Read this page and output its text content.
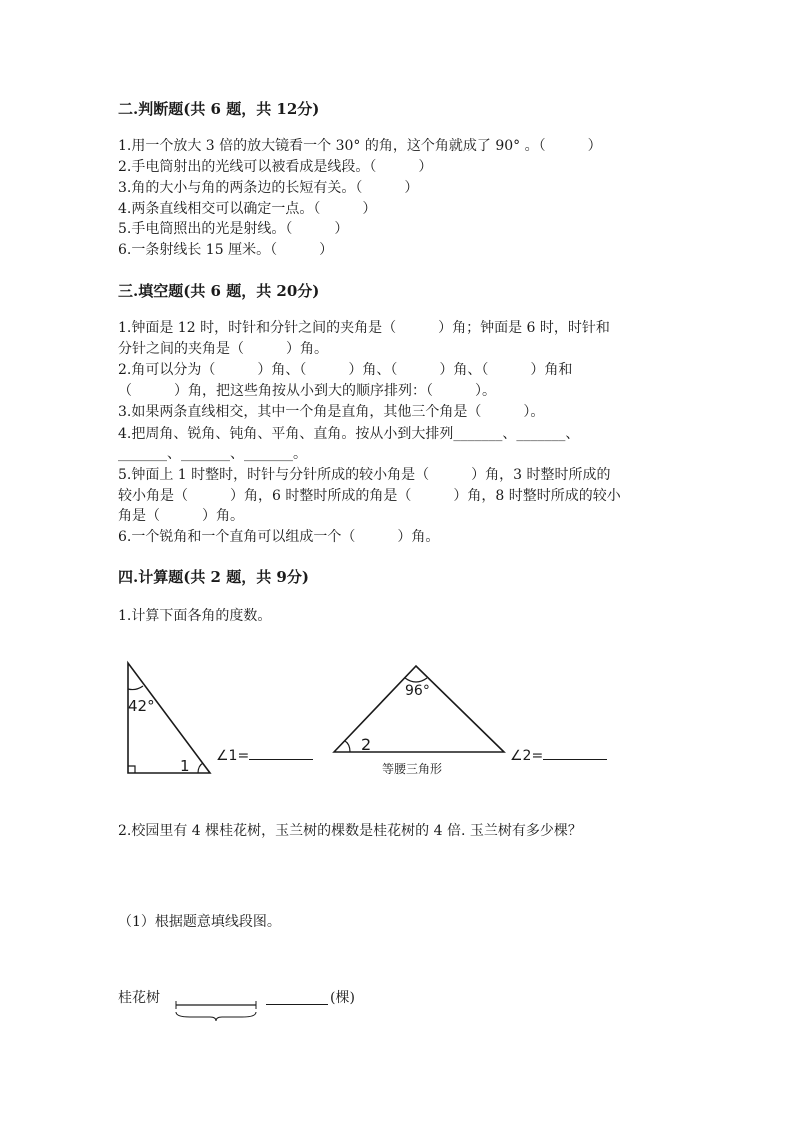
二.判断题(共 6 题，共 12分)
1.用一个放大 3 倍的放大镜看一个 30° 的角，这个角就成了 90° 。（　　　）
2.手电筒射出的光线可以被看成是线段。（　　　）
3.角的大小与角的两条边的长短有关。（　　　）
4.两条直线相交可以确定一点。（　　　）
5.手电筒照出的光是射线。（　　　）
6.一条射线长 15 厘米。（　　　）
三.填空题(共 6 题，共 20分)
1.钟面是 12 时，时针和分针之间的夹角是（　　　）角；钟面是 6 时，时针和
分针之间的夹角是（　　　）角。
2.角可以分为（　　　）角、（　　　）角、（　　　）角、（　　　）角和
（　　　）角，把这些角按从小到大的顺序排列：（　　　）。
3.如果两条直线相交，其中一个角是直角，其他三个角是（　　　）。
4.把周角、锐角、钝角、平角、直角。按从小到大排列_______、_______、
_______、_______、_______。
5.钟面上 1 时整时，时针与分针所成的较小角是（　　　）角，3 时整时所成的
较小角是（　　　）角，6 时整时所成的角是（　　　）角，8 时整时所成的较小
角是（　　　）角。
6.一个锐角和一个直角可以组成一个（　　　）角。
四.计算题(共 2 题，共 9分)
1.计算下面各角的度数。
42°
1
∠1=
96°
2
等腰三角形
∠2=
2.校园里有 4 棵桂花树，玉兰树的棵数是桂花树的 4 倍. 玉兰树有多少棵？
（1）根据题意填线段图。
桂花树	(棵)
